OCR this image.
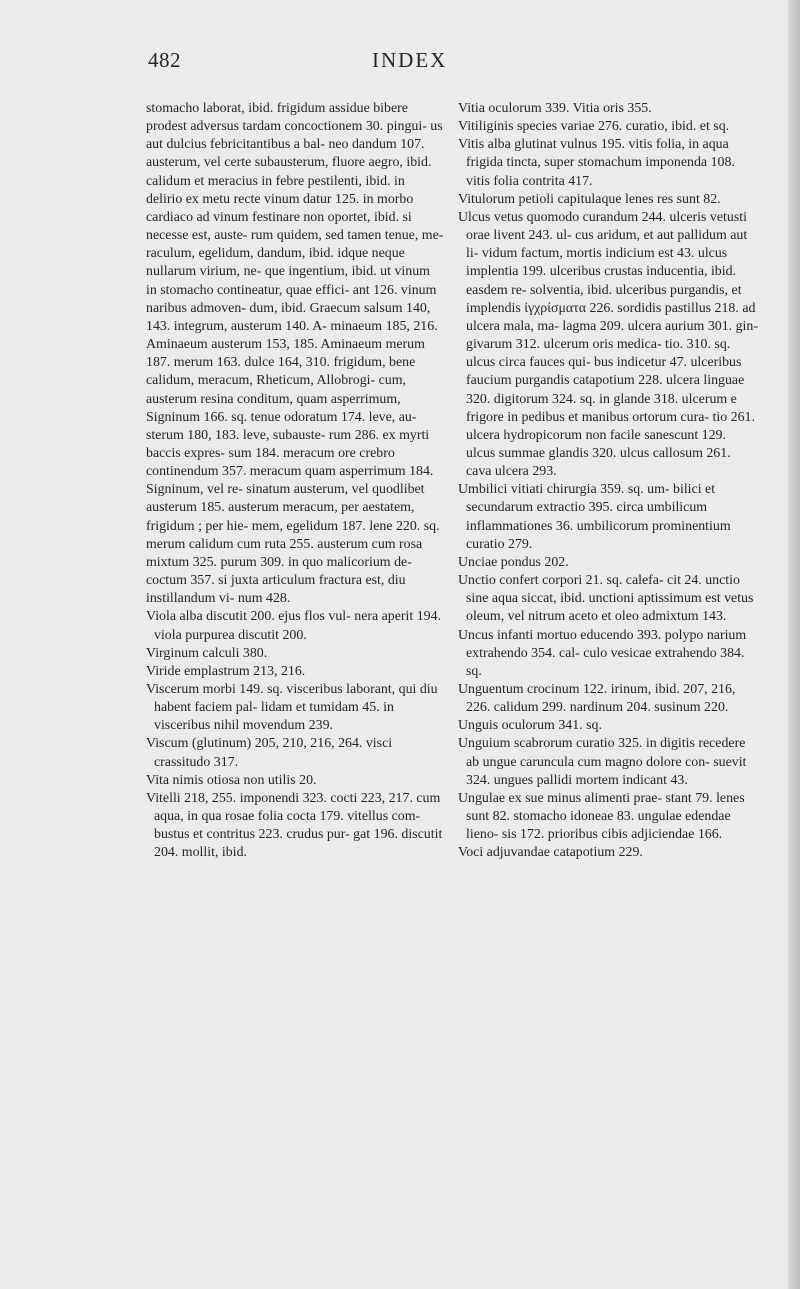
482	INDEX

stomacho laborat, ibid. frigidum assidue bibere prodest adversus tardam concoctionem 30. pingui- us aut dulcius febricitantibus a bal- neo dandum 107. austerum, vel certe subausterum, fluore aegro, ibid. calidum et meracius in febre pestilenti, ibid. in delirio ex metu recte vinum datur 125. in morbo cardiaco ad vinum festinare non oportet, ibid. si necesse est, auste- rum quidem, sed tamen tenue, me- raculum, egelidum, dandum, ibid. idque neque nullarum virium, ne- que ingentium, ibid. ut vinum in stomacho contineatur, quae effici- ant 126. vinum naribus admoven- dum, ibid. Graecum salsum 140, 143. integrum, austerum 140. A- minaeum 185, 216. Aminaeum austerum 153, 185. Aminaeum merum 187. merum 163. dulce 164, 310. frigidum, bene calidum, meracum, Rheticum, Allobrogi- cum, austerum resina conditum, quam asperrimum, Signinum 166. sq. tenue odoratum 174. leve, au- sterum 180, 183. leve, subauste- rum 286. ex myrti baccis expres- sum 184. meracum ore crebro continendum 357. meracum quam asperrimum 184. Signinum, vel re- sinatum austerum, vel quodlibet austerum 185. austerum meracum, per aestatem, frigidum ; per hie- mem, egelidum 187. lene 220. sq. merum calidum cum ruta 255. austerum cum rosa mixtum 325. purum 309. in quo malicorium de- coctum 357. si juxta articulum fractura est, diu instillandum vi- num 428.

Viola alba discutit 200. ejus flos vul- nera aperit 194. viola purpurea discutit 200.

Virginum calculi 380.

Viride emplastrum 213, 216.

Viscerum morbi 149. sq. visceribus laborant, qui diu habent faciem pal- lidam et tumidam 45. in visceribus nihil movendum 239.

Viscum (glutinum) 205, 210, 216, 264. visci crassitudo 317.

Vita nimis otiosa non utilis 20.

Vitelli 218, 255. imponendi 323. cocti 223, 217. cum aqua, in qua rosae folia cocta 179. vitellus com- bustus et contritus 223. crudus pur- gat 196. discutit 204. mollit, ibid.

Vitia oculorum 339. Vitia oris 355.

Vitiliginis species variae 276. curatio, ibid. et sq.

Vitis alba glutinat vulnus 195. vitis folia, in aqua frigida tincta, super stomachum imponenda 108. vitis folia contrita 417.

Vitulorum petioli capitulaque lenes res sunt 82.

Ulcus vetus quomodo curandum 244. ulceris vetusti orae livent 243. ul- cus aridum, et aut pallidum aut li- vidum factum, mortis indicium est 43. ulcus implentia 199. ulceribus crustas inducentia, ibid. easdem re- solventia, ibid. ulceribus purgandis, et implendis ἰγχρίσματα 226. sordidis pastillus 218. ad ulcera mala, ma- lagma 209. ulcera aurium 301. gin- givarum 312. ulcerum oris medica- tio. 310. sq. ulcus circa fauces qui- bus indicetur 47. ulceribus faucium purgandis catapotium 228. ulcera linguae 320. digitorum 324. sq. in glande 318. ulcerum e frigore in pedibus et manibus ortorum cura- tio 261. ulcera hydropicorum non facile sanescunt 129. ulcus summae glandis 320. ulcus callosum 261. cava ulcera 293.

Umbilici vitiati chirurgia 359. sq. um- bilici et secundarum extractio 395. circa umbilicum inflammationes 36. umbilicorum prominentium curatio 279.

Unciae pondus 202.

Unctio confert corpori 21. sq. calefa- cit 24. unctio sine aqua siccat, ibid. unctioni aptissimum est vetus oleum, vel nitrum aceto et oleo admixtum 143.

Uncus infanti mortuo educendo 393. polypo narium extrahendo 354. cal- culo vesicae extrahendo 384. sq.

Unguentum crocinum 122. irinum, ibid. 207, 216, 226. calidum 299. nardinum 204. susinum 220.

Unguis oculorum 341. sq.

Unguium scabrorum curatio 325. in digitis recedere ab ungue caruncula cum magno dolore con- suevit 324. ungues pallidi mortem indicant 43.

Ungulae ex sue minus alimenti prae- stant 79. lenes sunt 82. stomacho idoneae 83. ungulae edendae lieno- sis 172. prioribus cibis adjiciendae 166.

Voci adjuvandae catapotium 229.
